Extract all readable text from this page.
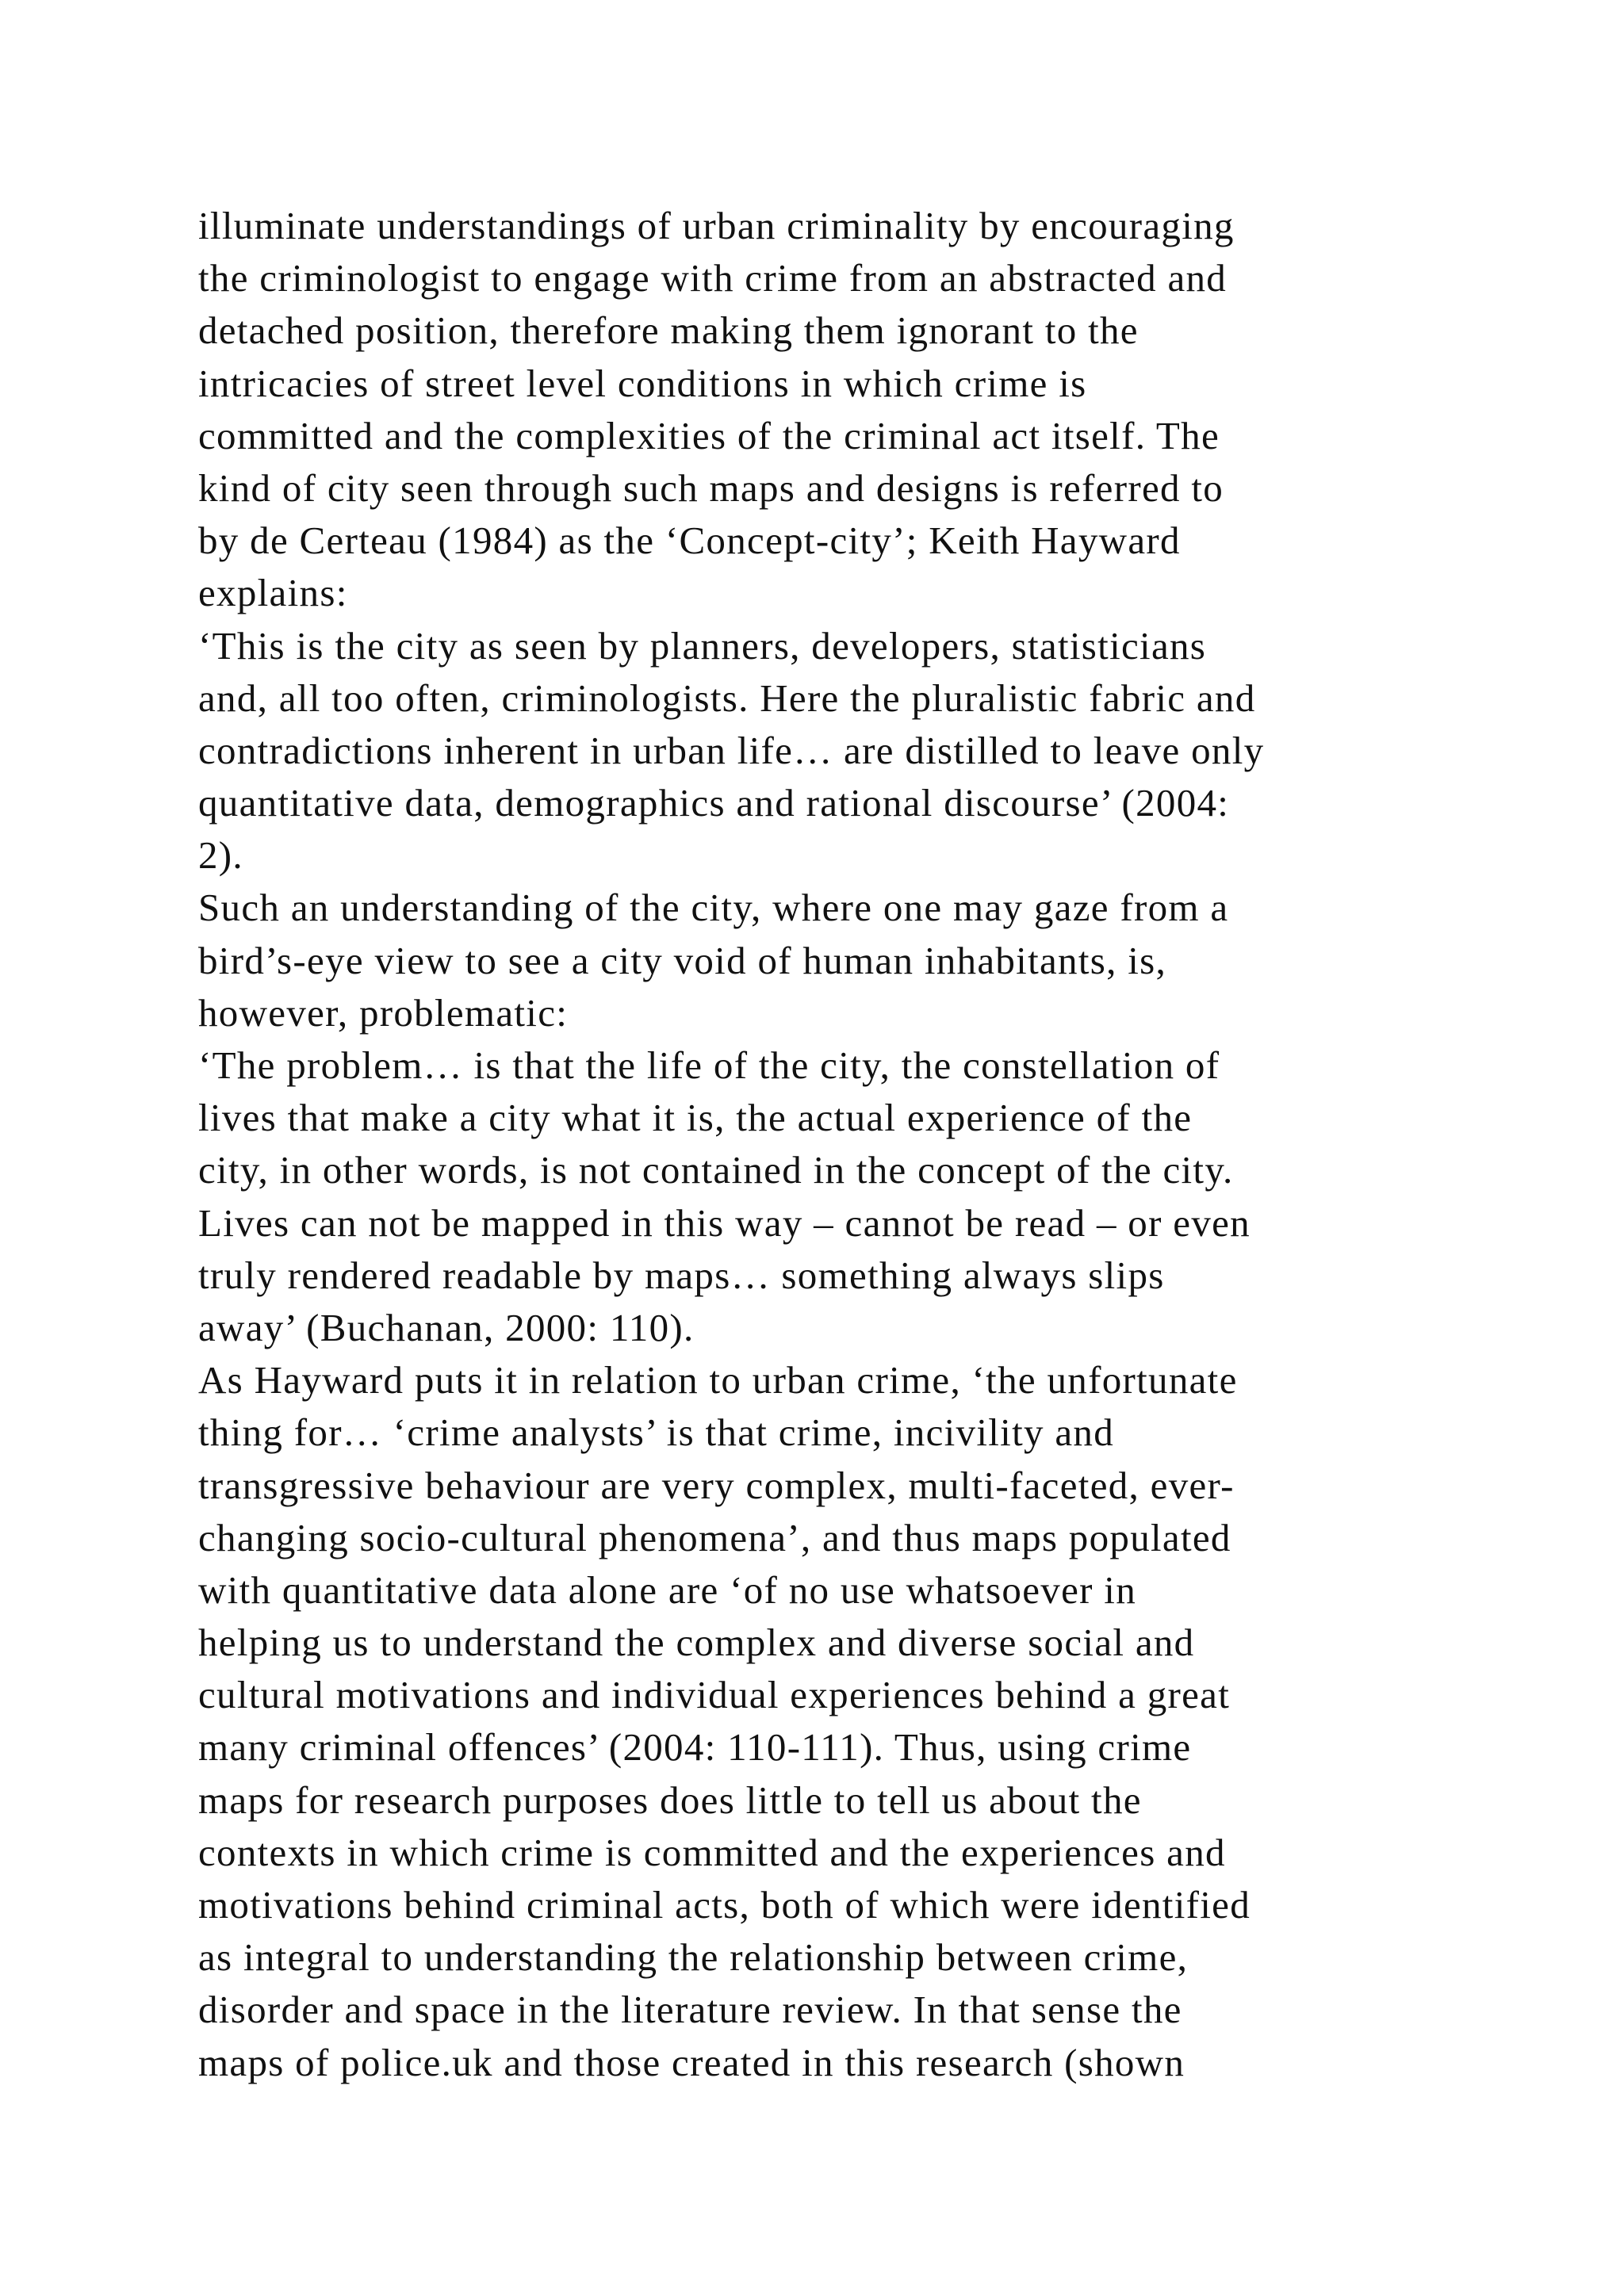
illuminate understandings of urban criminality by encouraging
the criminologist to engage with crime from an abstracted and
detached position, therefore making them ignorant to the
intricacies of street level conditions in which crime is
committed and the complexities of the criminal act itself. The
kind of city seen through such maps and designs is referred to
by de Certeau (1984) as the ‘Concept-city’; Keith Hayward
explains:
‘This is the city as seen by planners, developers, statisticians
and, all too often, criminologists. Here the pluralistic fabric and
contradictions inherent in urban life… are distilled to leave only
quantitative data, demographics and rational discourse’ (2004:
2).
Such an understanding of the city, where one may gaze from a
bird’s-eye view to see a city void of human inhabitants, is,
however, problematic:
‘The problem… is that the life of the city, the constellation of
lives that make a city what it is, the actual experience of the
city, in other words, is not contained in the concept of the city.
Lives can not be mapped in this way – cannot be read – or even
truly rendered readable by maps… something always slips
away’ (Buchanan, 2000: 110).
As Hayward puts it in relation to urban crime, ‘the unfortunate
thing for… ‘crime analysts’ is that crime, incivility and
transgressive behaviour are very complex, multi-faceted, ever-
changing socio-cultural phenomena’, and thus maps populated
with quantitative data alone are ‘of no use whatsoever in
helping us to understand the complex and diverse social and
cultural motivations and individual experiences behind a great
many criminal offences’ (2004: 110-111). Thus, using crime
maps for research purposes does little to tell us about the
contexts in which crime is committed and the experiences and
motivations behind criminal acts, both of which were identified
as integral to understanding the relationship between crime,
disorder and space in the literature review. In that sense the
maps of police.uk and those created in this research (shown
